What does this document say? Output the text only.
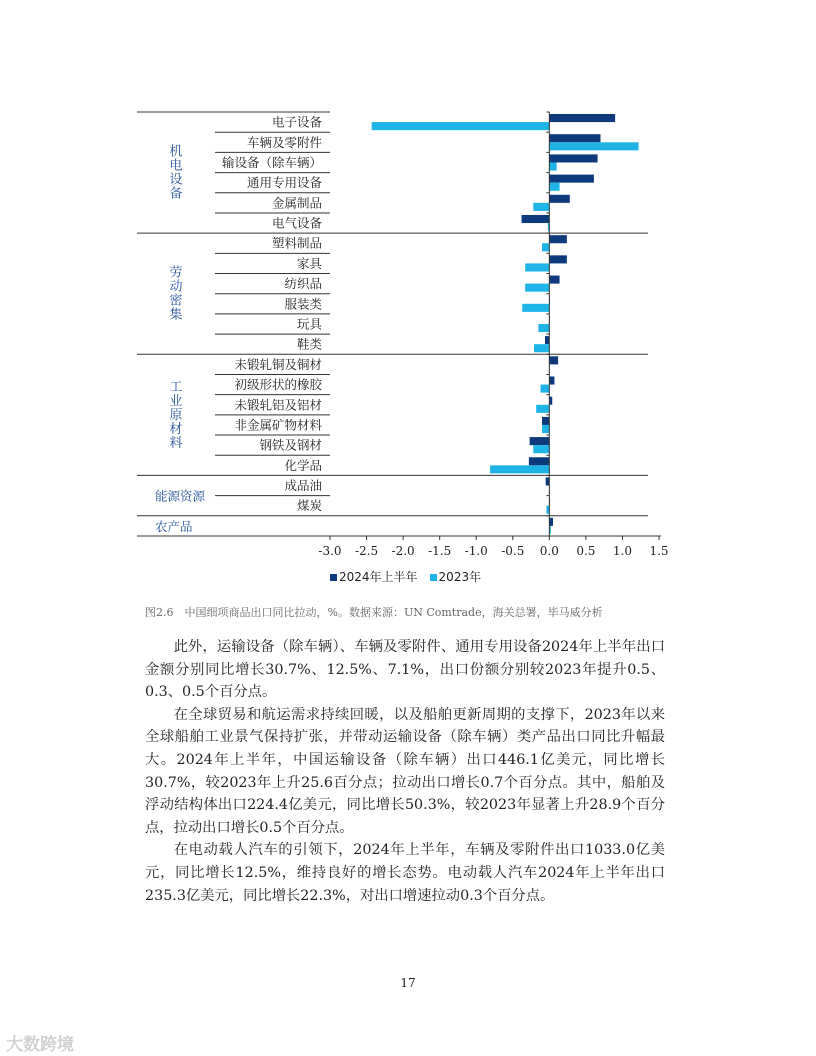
电子设备
车辆及零附件
输设备（除车辆）
通用专用设备
金属制品
电气设备
机电设备
塑料制品
家具
纺织品
服装类
玩具
鞋类
劳动密集
未锻轧铜及铜材
初级形状的橡胶
未锻轧铝及铝材
非金属矿物材料
钢铁及钢材
化学品
工业原材料
成品油
煤炭
能源资源
农产品
-3.0 -2.5 -2.0 -1.5 -1.0 -0.5 0.0 0.5 1.0 1.5
2024年上半年	2023年
图2.6　中国细项商品出口同比拉动，%。数据来源：UN Comtrade，海关总署，毕马威分析

此外，运输设备（除车辆）、车辆及零附件、通用专用设备2024年上半年出口金额分别同比增长30.7%、12.5%、7.1%，出口份额分别较2023年提升0.5、0.3、0.5个百分点。

在全球贸易和航运需求持续回暖，以及船舶更新周期的支撑下，2023年以来全球船舶工业景气保持扩张，并带动运输设备（除车辆）类产品出口同比升幅最大。2024年上半年，中国运输设备（除车辆）出口446.1亿美元，同比增长30.7%，较2023年上升25.6百分点；拉动出口增长0.7个百分点。其中，船舶及浮动结构体出口224.4亿美元，同比增长50.3%，较2023年显著上升28.9个百分点，拉动出口增长0.5个百分点。

在电动载人汽车的引领下，2024年上半年，车辆及零附件出口1033.0亿美元，同比增长12.5%，维持良好的增长态势。电动载人汽车2024年上半年出口235.3亿美元，同比增长22.3%，对出口增速拉动0.3个百分点。

17
大数跨境
